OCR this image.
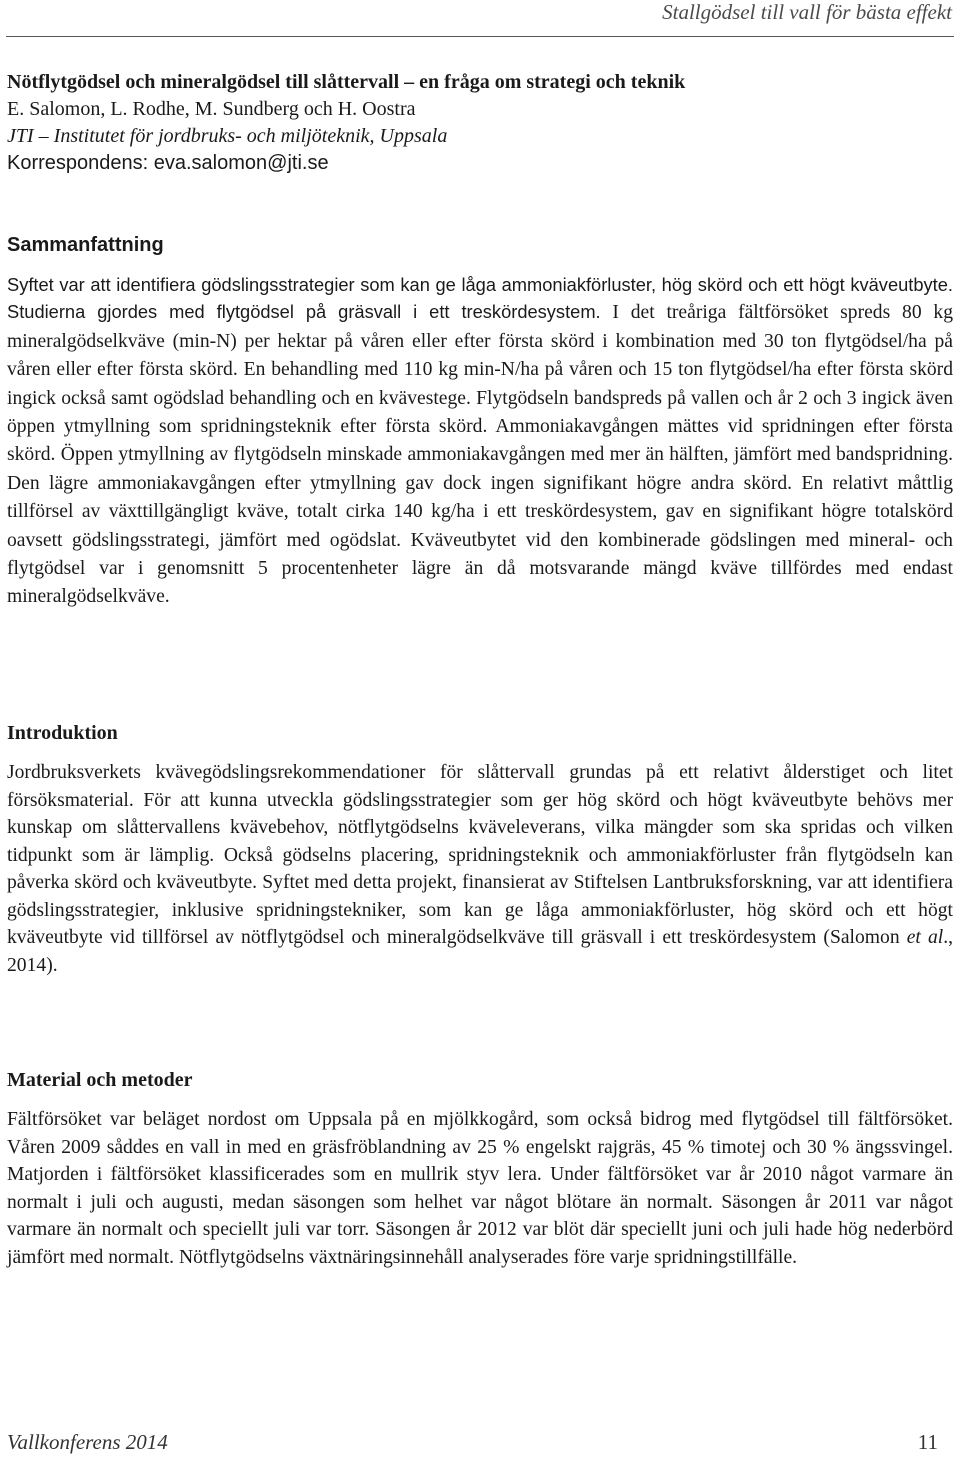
Stallgödsel till vall för bästa effekt

Nötflytgödsel och mineralgödsel till slåttervall – en fråga om strategi och teknik

E. Salomon, L. Rodhe, M. Sundberg och H. Oostra

JTI – Institutet för jordbruks- och miljöteknik, Uppsala

Korrespondens: eva.salomon@jti.se

Sammanfattning

Syftet var att identifiera gödslingsstrategier som kan ge låga ammoniakförluster, hög skörd och ett högt kväveutbyte. Studierna gjordes med flytgödsel på gräsvall i ett treskördesystem. I det treåriga fältförsöket spreds 80 kg mineralgödselkväve (min-N) per hektar på våren eller efter första skörd i kombination med 30 ton flytgödsel/ha på våren eller efter första skörd. En behandling med 110 kg min-N/ha på våren och 15 ton flytgödsel/ha efter första skörd ingick också samt ogödslad behandling och en kvävestege. Flytgödseln bandspreds på vallen och år 2 och 3 ingick även öppen ytmyllning som spridningsteknik efter första skörd. Ammoniakavgången mättes vid spridningen efter första skörd. Öppen ytmyllning av flytgödseln minskade ammoniakavgången med mer än hälften, jämfört med bandspridning. Den lägre ammoniakavgången efter ytmyllning gav dock ingen signifikant högre andra skörd. En relativt måttlig tillförsel av växttillgängligt kväve, totalt cirka 140 kg/ha i ett treskördesystem, gav en signifikant högre totalskörd oavsett gödslingsstrategi, jämfört med ogödslat. Kväveutbytet vid den kombinerade gödslingen med mineral- och flytgödsel var i genomsnitt 5 procentenheter lägre än då motsvarande mängd kväve tillfördes med endast mineralgödselkväve.

Introduktion

Jordbruksverkets kvävegödslingsrekommendationer för slåttervall grundas på ett relativt ålderstiget och litet försöksmaterial. För att kunna utveckla gödslingsstrategier som ger hög skörd och högt kväveutbyte behövs mer kunskap om slåttervallens kvävebehov, nötflytgödselns kväveleverans, vilka mängder som ska spridas och vilken tidpunkt som är lämplig. Också gödselns placering, spridningsteknik och ammoniakförluster från flytgödseln kan påverka skörd och kväveutbyte. Syftet med detta projekt, finansierat av Stiftelsen Lantbruksforskning, var att identifiera gödslingsstrategier, inklusive spridningstekniker, som kan ge låga ammoniakförluster, hög skörd och ett högt kväveutbyte vid tillförsel av nötflytgödsel och mineralgödselkväve till gräsvall i ett treskördesystem (Salomon et al., 2014).

Material och metoder

Fältförsöket var beläget nordost om Uppsala på en mjölkkogård, som också bidrog med flytgödsel till fältförsöket. Våren 2009 såddes en vall in med en gräsfröblandning av 25 % engelskt rajgräs, 45 % timotej och 30 % ängssvingel. Matjorden i fältförsöket klassificerades som en mullrik styv lera. Under fältförsöket var år 2010 något varmare än normalt i juli och augusti, medan säsongen som helhet var något blötare än normalt. Säsongen år 2011 var något varmare än normalt och speciellt juli var torr. Säsongen år 2012 var blöt där speciellt juni och juli hade hög nederbörd jämfört med normalt. Nötflytgödselns växtnäringsinnehåll analyserades före varje spridningstillfälle.

Vallkonferens 2014	11
